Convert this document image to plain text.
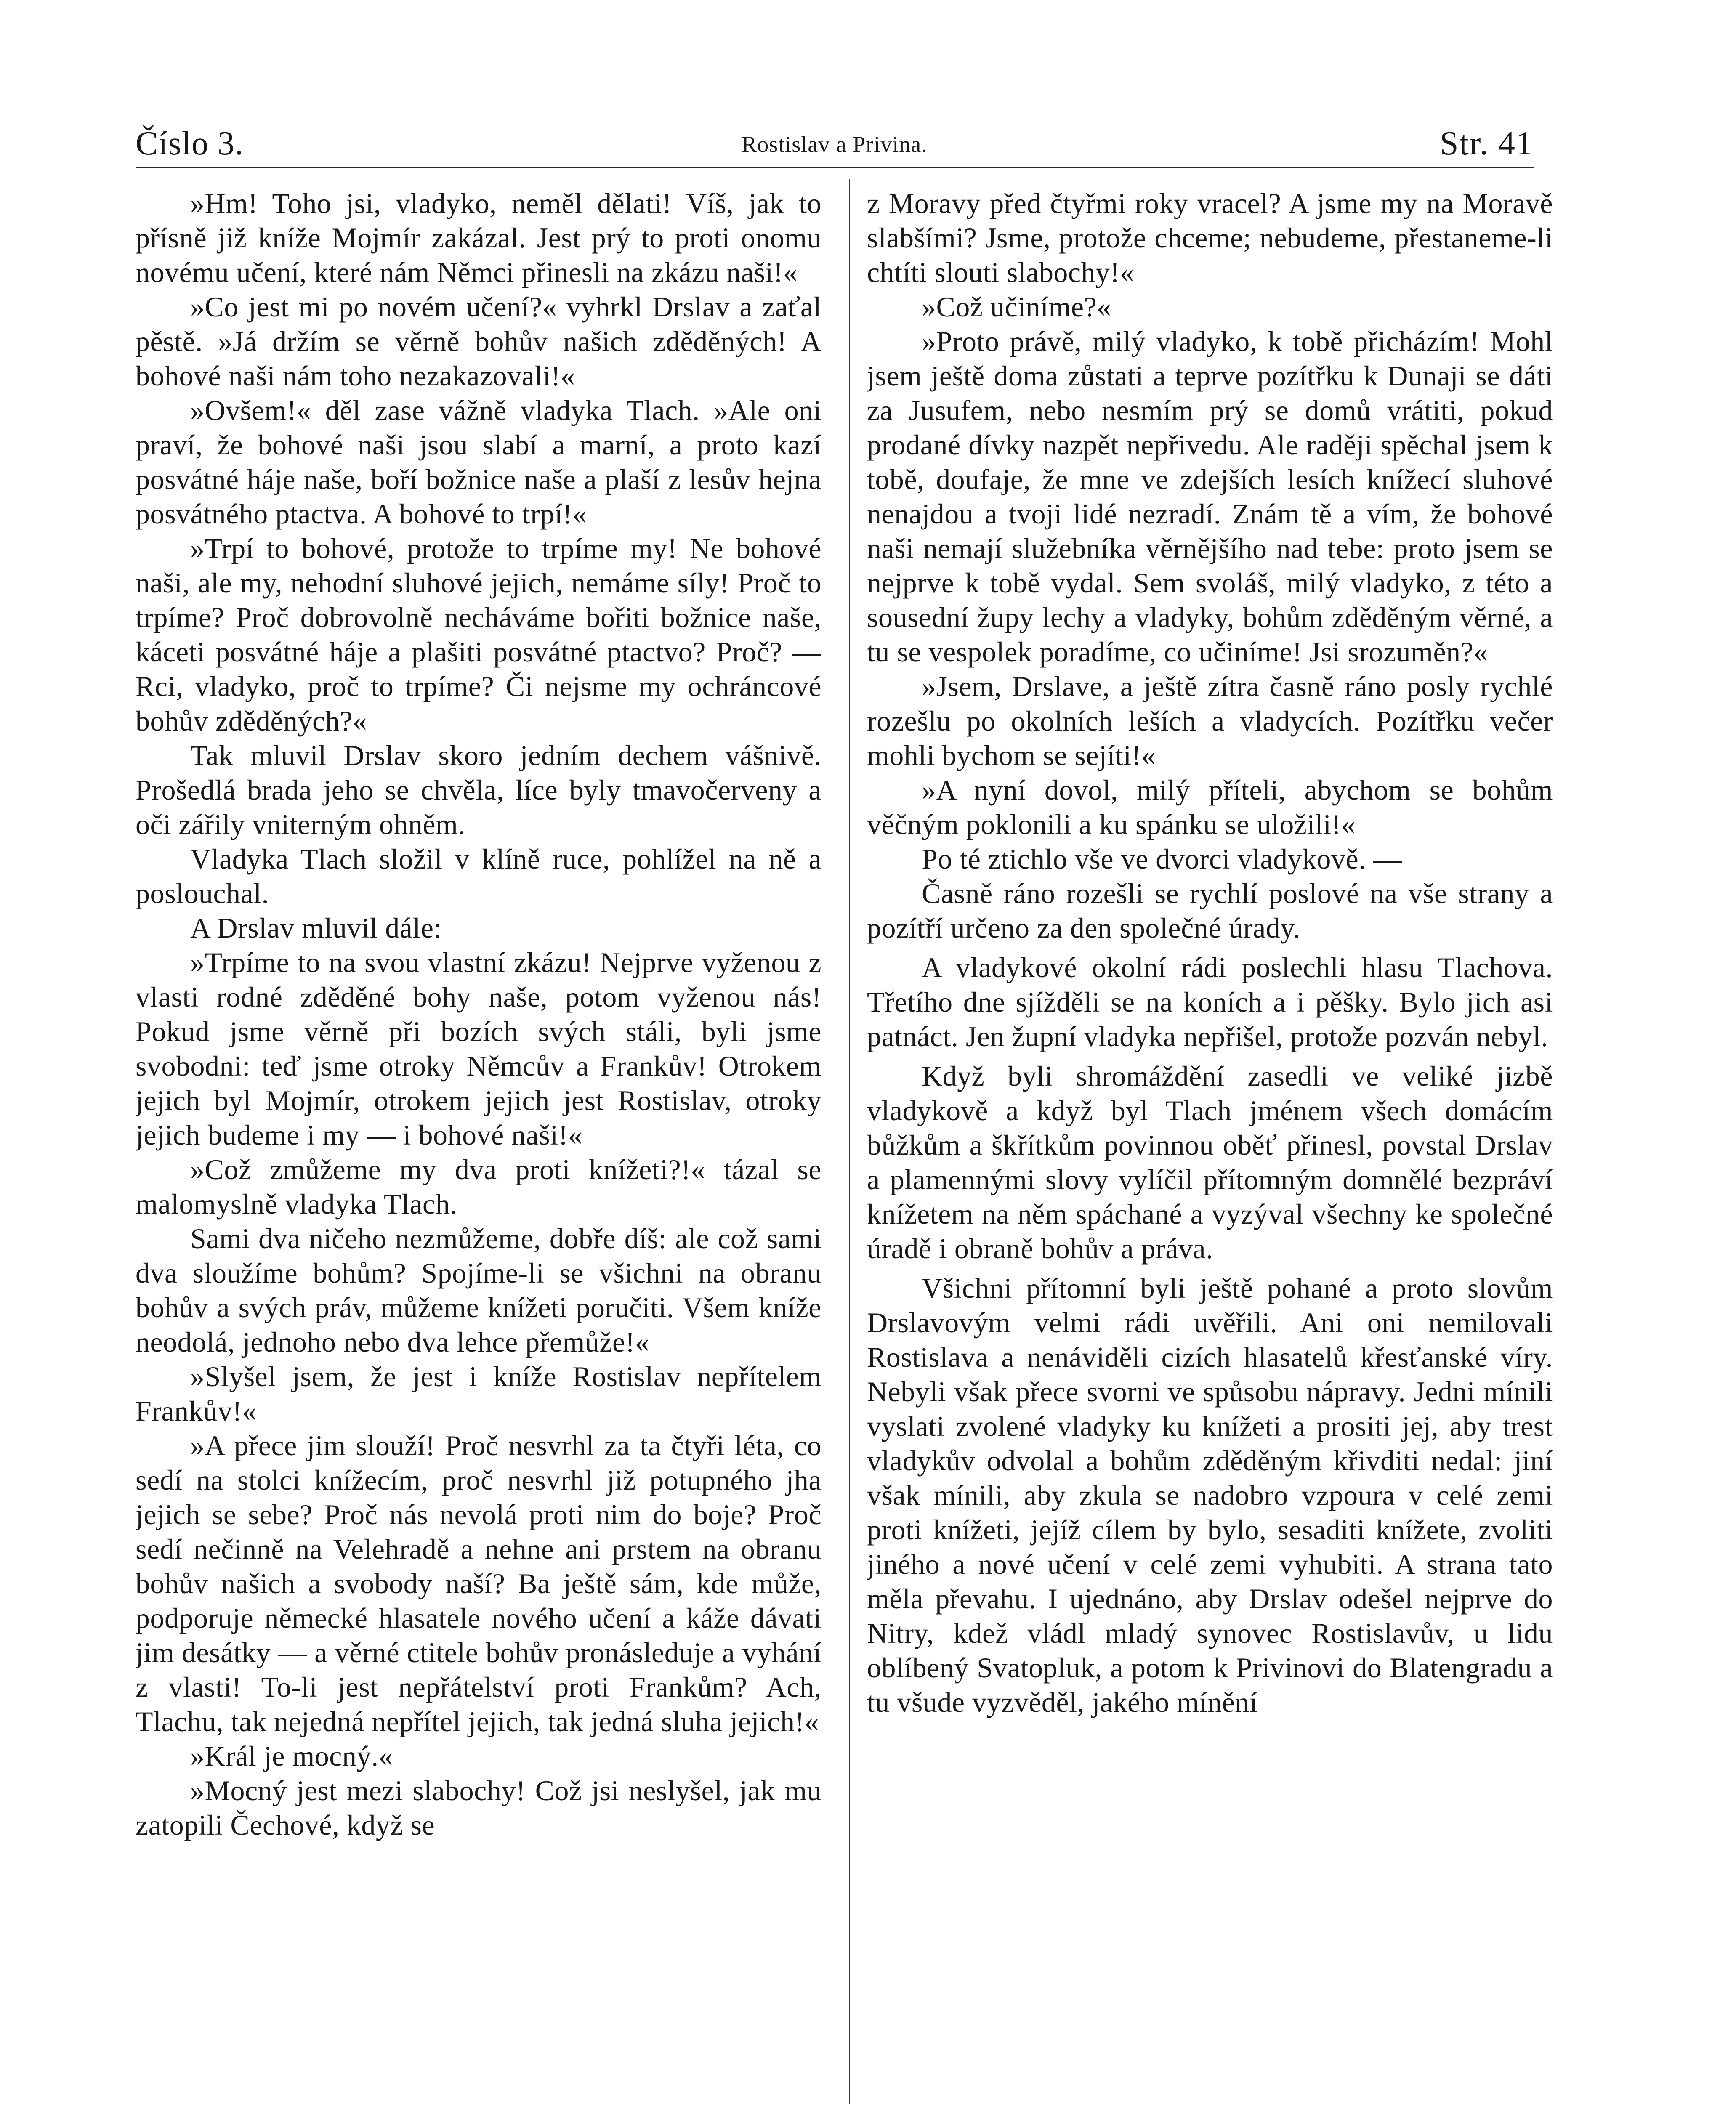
Číslo 3.	Rostislav a Privina.	Str. 41

»Hm! Toho jsi, vladyko, neměl dělati! Víš, jak to přísně již kníže Mojmír zakázal. Jest prý to proti onomu novému učení, které nám Němci přinesli na zkázu naši!«

»Co jest mi po novém učení?« vyhrkl Drslav a zaťal pěstě. »Já držím se věrně bohův našich zděděných! A bohové naši nám toho nezakazovali!«

»Ovšem!« děl zase vážně vladyka Tlach. »Ale oni praví, že bohové naši jsou slabí a marní, a proto kazí posvátné háje naše, boří božnice naše a plaší z lesův hejna posvátného ptactva. A bohové to trpí!«

»Trpí to bohové, protože to trpíme my! Ne bohové naši, ale my, nehodní sluhové jejich, nemáme síly! Proč to trpíme? Proč dobrovolně necháváme bořiti božnice naše, káceti posvátné háje a plašiti posvátné ptactvo? Proč? — Rci, vladyko, proč to trpíme? Či nejsme my ochráncové bohův zděděných?«

Tak mluvil Drslav skoro jedním dechem vášnivě. Prošedlá brada jeho se chvěla, líce byly tmavočerveny a oči zářily vniterným ohněm.

Vladyka Tlach složil v klíně ruce, pohlížel na ně a poslouchal.

A Drslav mluvil dále:

»Trpíme to na svou vlastní zkázu! Nejprve vyženou z vlasti rodné zděděné bohy naše, potom vyženou nás! Pokud jsme věrně při bozích svých stáli, byli jsme svobodni: teď jsme otroky Němcův a Frankův! Otrokem jejich byl Mojmír, otrokem jejich jest Rostislav, otroky jejich budeme i my — i bohové naši!«

»Což zmůžeme my dva proti knížeti?!« tázal se malomyslně vladyka Tlach.

Sami dva ničeho nezmůžeme, dobře díš: ale což sami dva sloužíme bohům? Spojíme-li se všichni na obranu bohův a svých práv, můžeme knížeti poručiti. Všem kníže neodolá, jednoho nebo dva lehce přemůže!«

»Slyšel jsem, že jest i kníže Rostislav nepřítelem Frankův!«

»A přece jim slouží! Proč nesvrhl za ta čtyři léta, co sedí na stolci knížecím, proč nesvrhl již potupného jha jejich se sebe? Proč nás nevolá proti nim do boje? Proč sedí nečinně na Velehradě a nehne ani prstem na obranu bohův našich a svobody naší? Ba ještě sám, kde může, podporuje německé hlasatele nového učení a káže dávati jim desátky — a věrné ctitele bohův pronásleduje a vyhání z vlasti! To-li jest nepřátelství proti Frankům? Ach, Tlachu, tak nejedná nepřítel jejich, tak jedná sluha jejich!«

»Král je mocný.«

»Mocný jest mezi slabochy! Což jsi neslyšel, jak mu zatopili Čechové, když se

z Moravy před čtyřmi roky vracel? A jsme my na Moravě slabšími? Jsme, protože chceme; nebudeme, přestaneme-li chtíti slouti slabochy!«

»Což učiníme?«

»Proto právě, milý vladyko, k tobě přicházím! Mohl jsem ještě doma zůstati a teprve pozítřku k Dunaji se dáti za Jusufem, nebo nesmím prý se domů vrátiti, pokud prodané dívky nazpět nepřivedu. Ale raději spěchal jsem k tobě, doufaje, že mne ve zdejších lesích knížecí sluhové nenajdou a tvoji lidé nezradí. Znám tě a vím, že bohové naši nemají služebníka věrnějšího nad tebe: proto jsem se nejprve k tobě vydal. Sem svoláš, milý vladyko, z této a sousední župy lechy a vladyky, bohům zděděným věrné, a tu se vespolek poradíme, co učiníme! Jsi srozuměn?«

»Jsem, Drslave, a ještě zítra časně ráno posly rychlé rozešlu po okolních leších a vladycích. Pozítřku večer mohli bychom se sejíti!«

»A nyní dovol, milý příteli, abychom se bohům věčným poklonili a ku spánku se uložili!«

Po té ztichlo vše ve dvorci vladykově. —

Časně ráno rozešli se rychlí poslové na vše strany a pozítří určeno za den společné úrady.

A vladykové okolní rádi poslechli hlasu Tlachova. Třetího dne sjížděli se na koních a i pěšky. Bylo jich asi patnáct. Jen župní vladyka nepřišel, protože pozván nebyl.

Když byli shromáždění zasedli ve veliké jizbě vladykově a když byl Tlach jménem všech domácím bůžkům a škřítkům povinnou oběť přinesl, povstal Drslav a plamennými slovy vylíčil přítomným domnělé bezpráví knížetem na něm spáchané a vyzýval všechny ke společné úradě i obraně bohův a práva.

Všichni přítomní byli ještě pohané a proto slovům Drslavovým velmi rádi uvěřili. Ani oni nemilovali Rostislava a nenáviděli cizích hlasatelů křesťanské víry. Nebyli však přece svorni ve spůsobu nápravy. Jedni mínili vyslati zvolené vladyky ku knížeti a prositi jej, aby trest vladykův odvolal a bohům zděděným křivditi nedal: jiní však mínili, aby zkula se nadobro vzpoura v celé zemi proti knížeti, jejíž cílem by bylo, sesaditi knížete, zvoliti jiného a nové učení v celé zemi vyhubiti. A strana tato měla převahu. I ujednáno, aby Drslav odešel nejprve do Nitry, kdež vládl mladý synovec Rostislavův, u lidu oblíbený Svatopluk, a potom k Privinovi do Blatengradu a tu všude vyzvěděl, jakého mínění
